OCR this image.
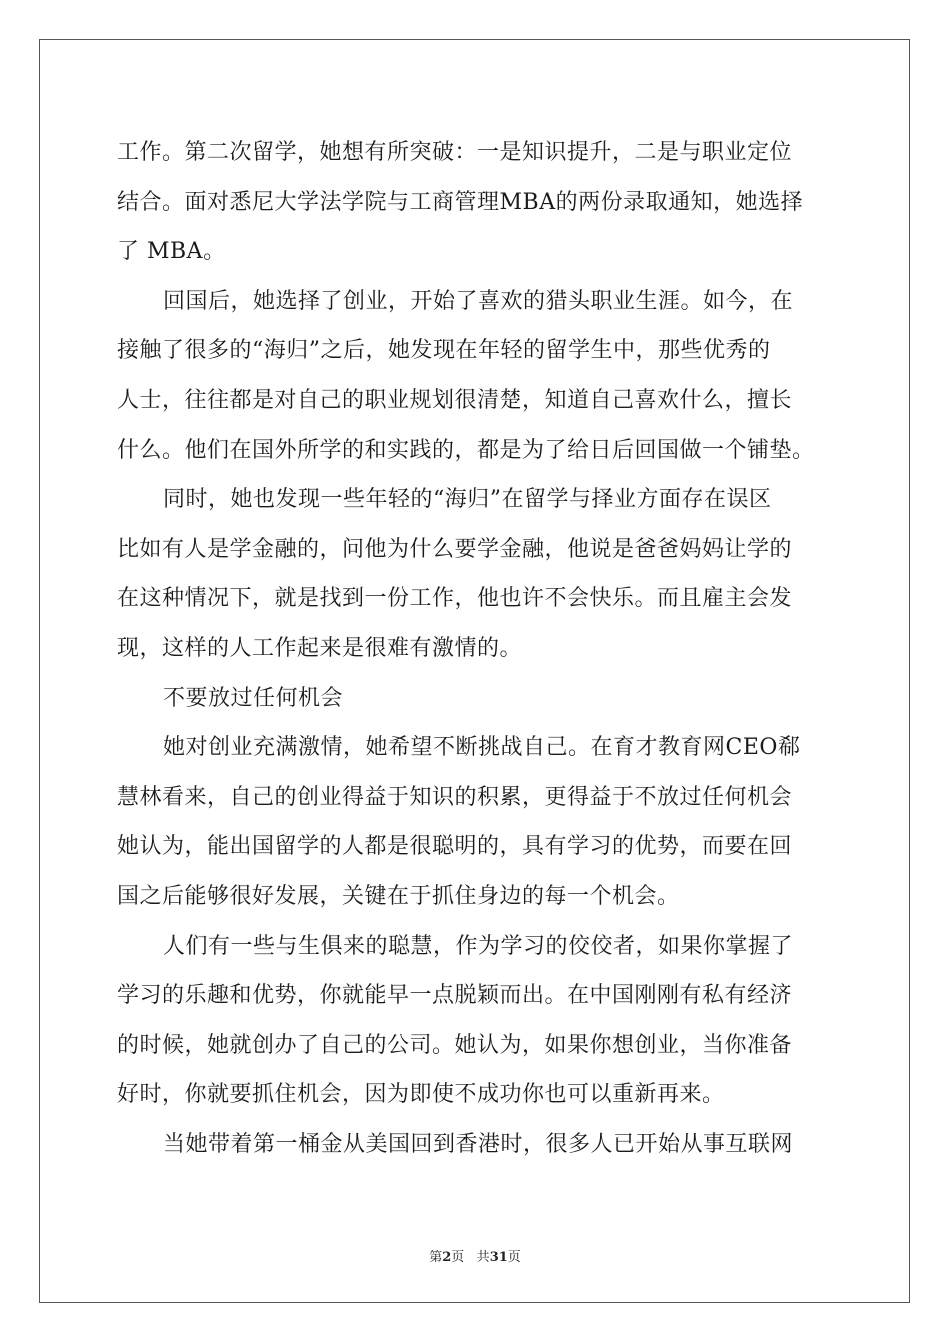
工作。第二次留学，她想有所突破：一是知识提升，二是与职业定位
结合。面对悉尼大学法学院与工商管理MBA的两份录取通知，她选择
了 MBA。
回国后，她选择了创业，开始了喜欢的猎头职业生涯。如今，在
接触了很多的“海归”之后，她发现在年轻的留学生中，那些优秀的
人士，往往都是对自己的职业规划很清楚，知道自己喜欢什么，擅长
什么。他们在国外所学的和实践的，都是为了给日后回国做一个铺垫。
同时，她也发现一些年轻的“海归”在留学与择业方面存在误区
比如有人是学金融的，问他为什么要学金融，他说是爸爸妈妈让学的
在这种情况下，就是找到一份工作，他也许不会快乐。而且雇主会发
现，这样的人工作起来是很难有激情的。
不要放过任何机会
她对创业充满激情，她希望不断挑战自己。在育才教育网CEO郗
慧林看来，自己的创业得益于知识的积累，更得益于不放过任何机会
她认为，能出国留学的人都是很聪明的，具有学习的优势，而要在回
国之后能够很好发展，关键在于抓住身边的每一个机会。
人们有一些与生俱来的聪慧，作为学习的佼佼者，如果你掌握了
学习的乐趣和优势，你就能早一点脱颖而出。在中国刚刚有私有经济
的时候，她就创办了自己的公司。她认为，如果你想创业，当你准备
好时，你就要抓住机会，因为即使不成功你也可以重新再来。
当她带着第一桶金从美国回到香港时，很多人已开始从事互联网
第2页 共31页
